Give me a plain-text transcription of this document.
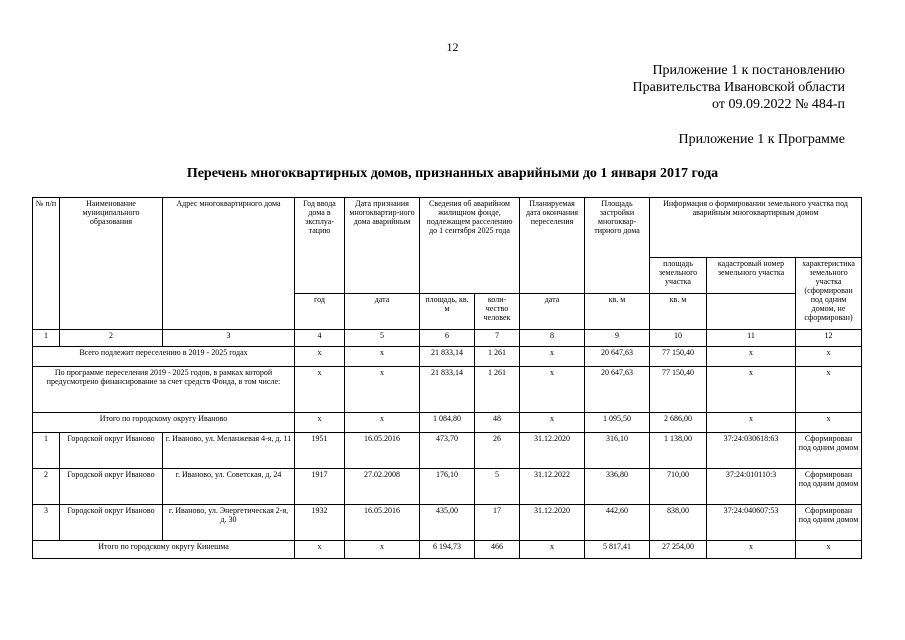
12
Приложение 1 к постановлению
Правительства Ивановской области
от 09.09.2022 № 484-п
Приложение 1 к Программе
Перечень многоквартирных домов, признанных аварийными до 1 января 2017 года
№ п/п	Наименование муниципального образования	Адрес многоквартирного дома	Год ввода дома в эксплуа-тацию	Дата признания многоквартир-ного дома аварийным	Сведения об аварийном жилищном фонде, подлежащем расселению до 1 сентября 2025 года		Планируемая дата окончания переселения	Площадь застройки многоквар-тирного дома	Информация о формировании земельного участка под аварийным многоквартирным домом		
									площадь земельного участка	кадастровый номер земельного участка	характеристика земельного участка (сформирован под одним домом, не сформирован)
			год	дата	площадь, кв. м	коли-чество человек	дата	кв. м	кв. м		
1	2	3	4	5	6	7	8	9	10	11	12
Всего подлежит переселению в 2019 - 2025 годах			x	x	21 833,14	1 261	x	20 647,63	77 150,40	x	x
По программе переселения 2019 - 2025 годов, в рамках которой предусмотрено финансирование за счет средств Фонда, в том числе:			x	x	21 833,14	1 261	x	20 647,63	77 150,40	x	x
Итого по городскому округу Иваново			x	x	1 084,80	48	x	1 095,50	2 686,00	x	x
1	Городской округ Иваново	г. Иваново, ул. Меланжевая 4-я, д. 11	1951	16.05.2016	473,70	26	31.12.2020	316,10	1 138,00	37:24:030618:63	Сформирован под одним домом
2	Городской округ Иваново	г. Иваново, ул. Советская, д. 24	1917	27.02.2008	176,10	5	31.12.2022	336,80	710,00	37:24:010110:3	Сформирован под одним домом
3	Городской округ Иваново	г. Иваново, ул. Энергетическая 2-я, д. 30	1932	16.05.2016	435,00	17	31.12.2020	442,60	838,00	37:24:040607:53	Сформирован под одним домом
Итого по городскому округу Кинешма			x	x	6 194,73	466	x	5 817,41	27 254,00	x	x
